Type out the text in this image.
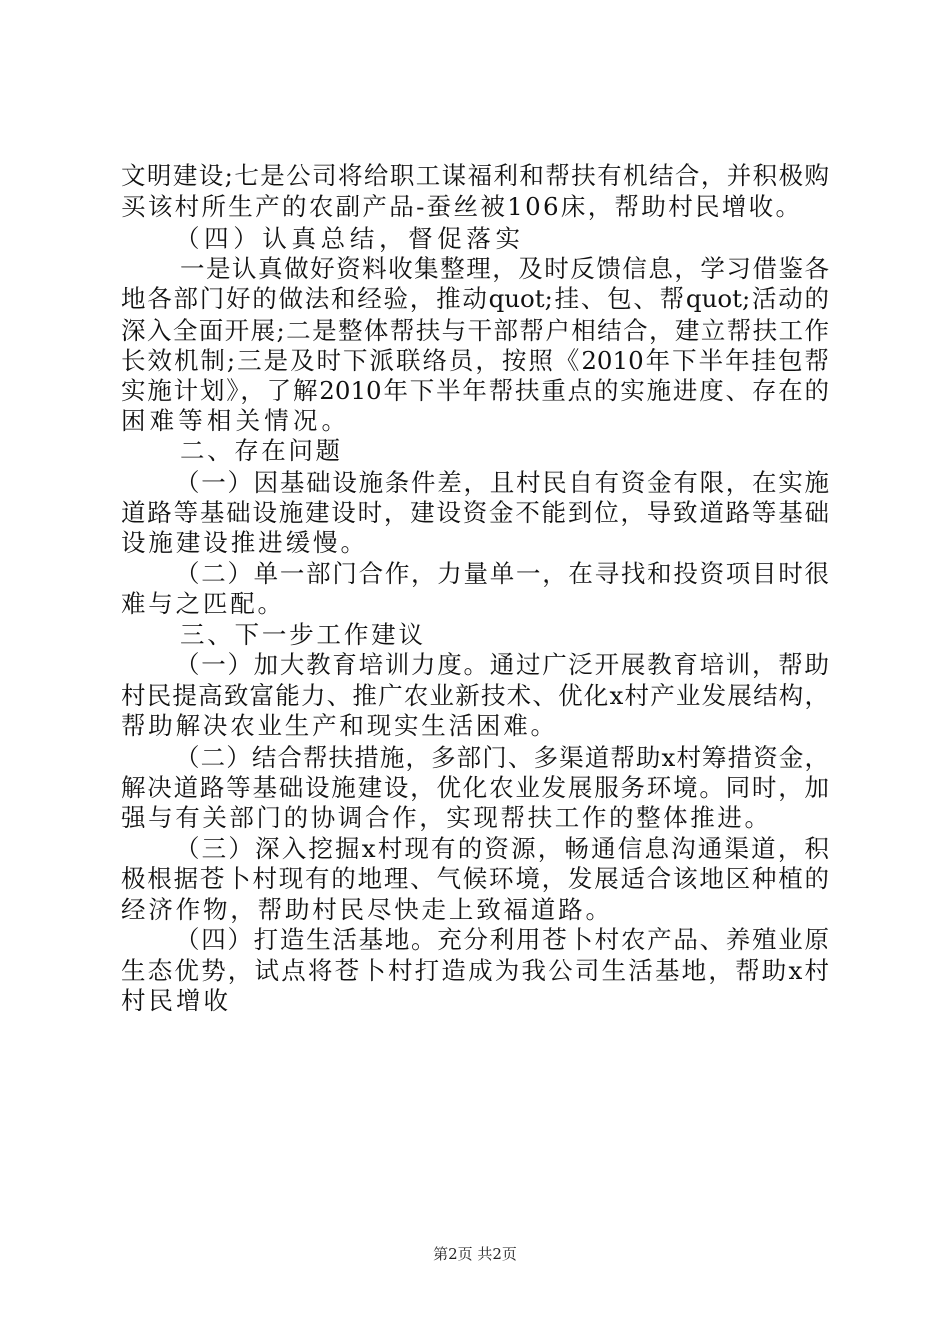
文明建设;七是公司将给职工谋福利和帮扶有机结合，并积极购
买该村所生产的农副产品-蚕丝被106床，帮助村民增收。
（四）认真总结，督促落实
一是认真做好资料收集整理，及时反馈信息，学习借鉴各
地各部门好的做法和经验，推动quot;挂、包、帮quot;活动的
深入全面开展;二是整体帮扶与干部帮户相结合，建立帮扶工作
长效机制;三是及时下派联络员，按照《2010年下半年挂包帮
实施计划》，了解2010年下半年帮扶重点的实施进度、存在的
困难等相关情况。
二、存在问题
（一）因基础设施条件差，且村民自有资金有限，在实施
道路等基础设施建设时，建设资金不能到位，导致道路等基础
设施建设推进缓慢。
（二）单一部门合作，力量单一，在寻找和投资项目时很
难与之匹配。
三、下一步工作建议
（一）加大教育培训力度。通过广泛开展教育培训，帮助
村民提高致富能力、推广农业新技术、优化x村产业发展结构，
帮助解决农业生产和现实生活困难。
（二）结合帮扶措施，多部门、多渠道帮助x村筹措资金，
解决道路等基础设施建设，优化农业发展服务环境。同时，加
强与有关部门的协调合作，实现帮扶工作的整体推进。
（三）深入挖掘x村现有的资源，畅通信息沟通渠道，积
极根据苍卜村现有的地理、气候环境，发展适合该地区种植的
经济作物，帮助村民尽快走上致福道路。
（四）打造生活基地。充分利用苍卜村农产品、养殖业原
生态优势，试点将苍卜村打造成为我公司生活基地，帮助x村
村民增收
第2页 共2页
